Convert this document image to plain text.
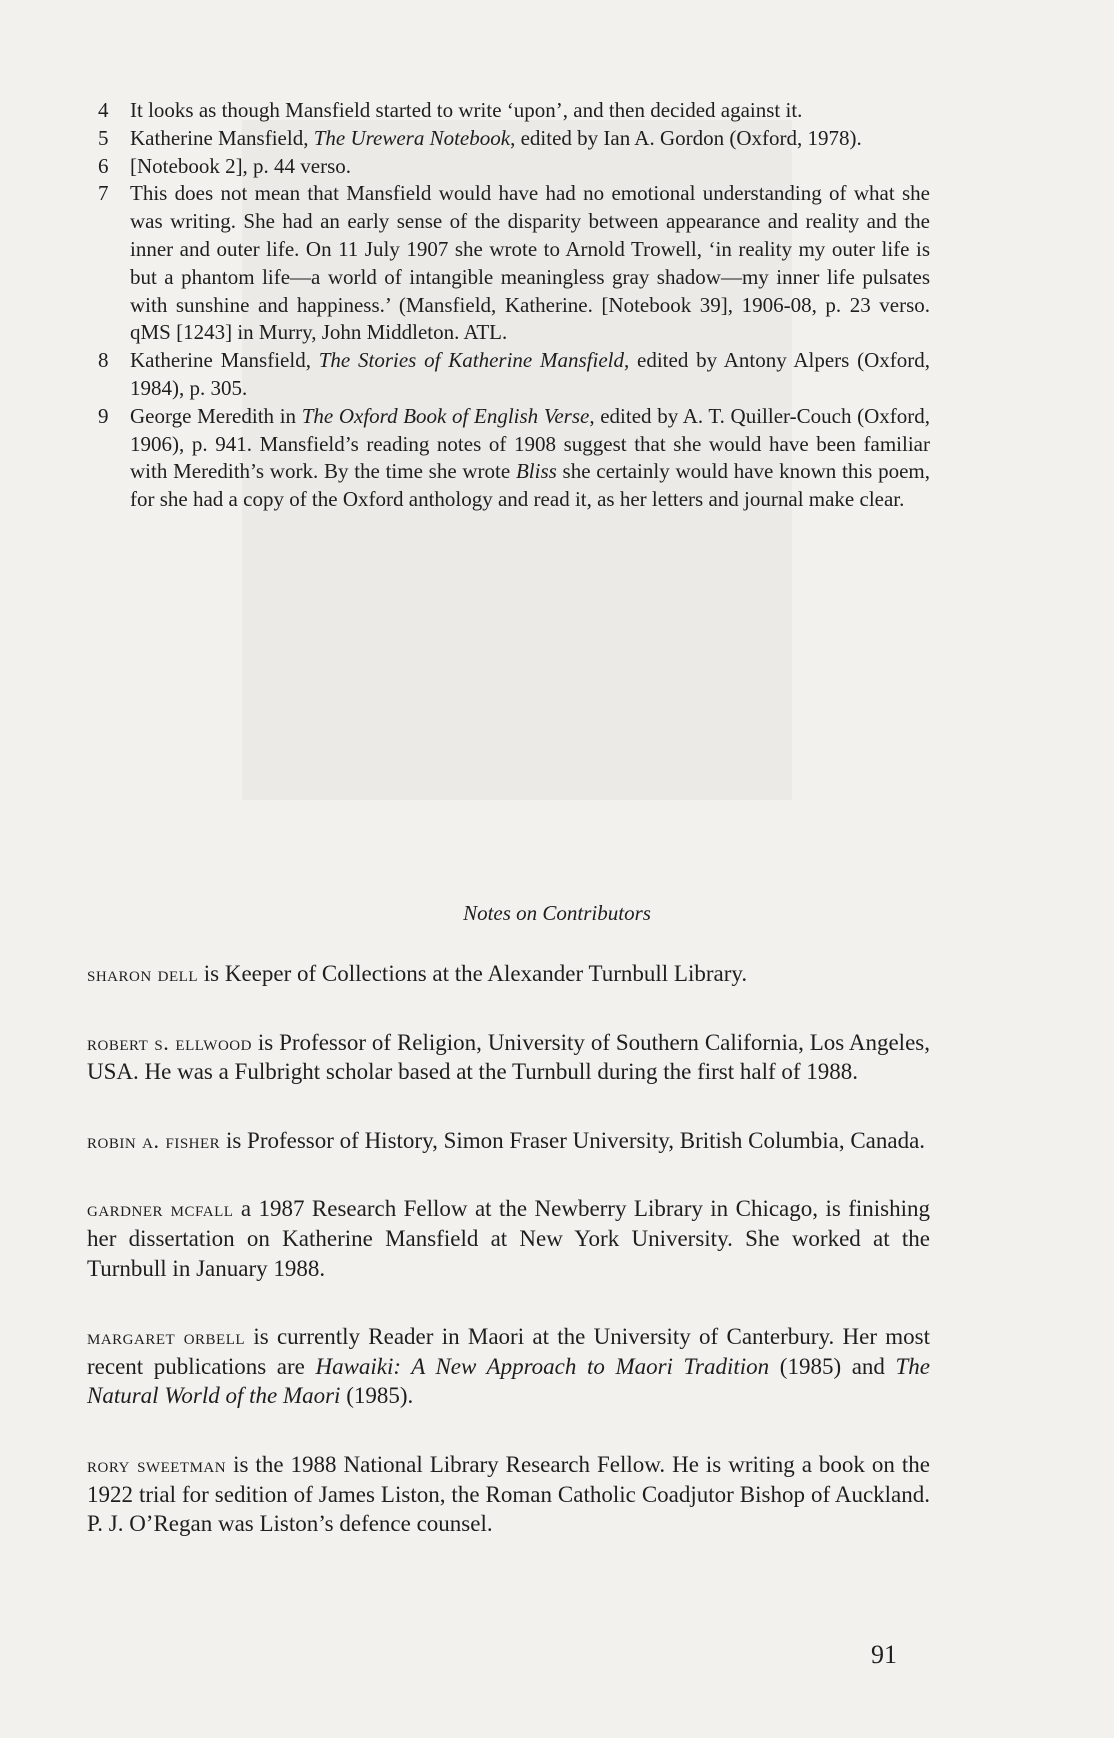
4	It looks as though Mansfield started to write ‘upon’, and then decided against it.
5	Katherine Mansfield, The Urewera Notebook, edited by Ian A. Gordon (Oxford, 1978).
6	[Notebook 2], p. 44 verso.
7	This does not mean that Mansfield would have had no emotional understanding of what she was writing. She had an early sense of the disparity between appearance and reality and the inner and outer life. On 11 July 1907 she wrote to Arnold Trowell, ‘in reality my outer life is but a phantom life—a world of intangible meaningless gray shadow—my inner life pulsates with sunshine and happiness.’ (Mansfield, Katherine. [Notebook 39], 1906-08, p. 23 verso. qMS [1243] in Murry, John Middleton. ATL.
8	Katherine Mansfield, The Stories of Katherine Mansfield, edited by Antony Alpers (Oxford, 1984), p. 305.
9	George Meredith in The Oxford Book of English Verse, edited by A. T. Quiller-Couch (Oxford, 1906), p. 941. Mansfield’s reading notes of 1908 suggest that she would have been familiar with Meredith’s work. By the time she wrote Bliss she certainly would have known this poem, for she had a copy of the Oxford anthology and read it, as her letters and journal make clear.
Notes on Contributors

sharon dell is Keeper of Collections at the Alexander Turnbull Library.

robert s. ellwood is Professor of Religion, University of Southern California, Los Angeles, USA. He was a Fulbright scholar based at the Turnbull during the first half of 1988.

robin a. fisher is Professor of History, Simon Fraser University, British Columbia, Canada.

gardner mcfall a 1987 Research Fellow at the Newberry Library in Chicago, is finishing her dissertation on Katherine Mansfield at New York University. She worked at the Turnbull in January 1988.

margaret orbell is currently Reader in Maori at the University of Canterbury. Her most recent publications are Hawaiki: A New Approach to Maori Tradition (1985) and The Natural World of the Maori (1985).

rory sweetman is the 1988 National Library Research Fellow. He is writing a book on the 1922 trial for sedition of James Liston, the Roman Catholic Coadjutor Bishop of Auckland. P. J. O’Regan was Liston’s defence counsel.

91
